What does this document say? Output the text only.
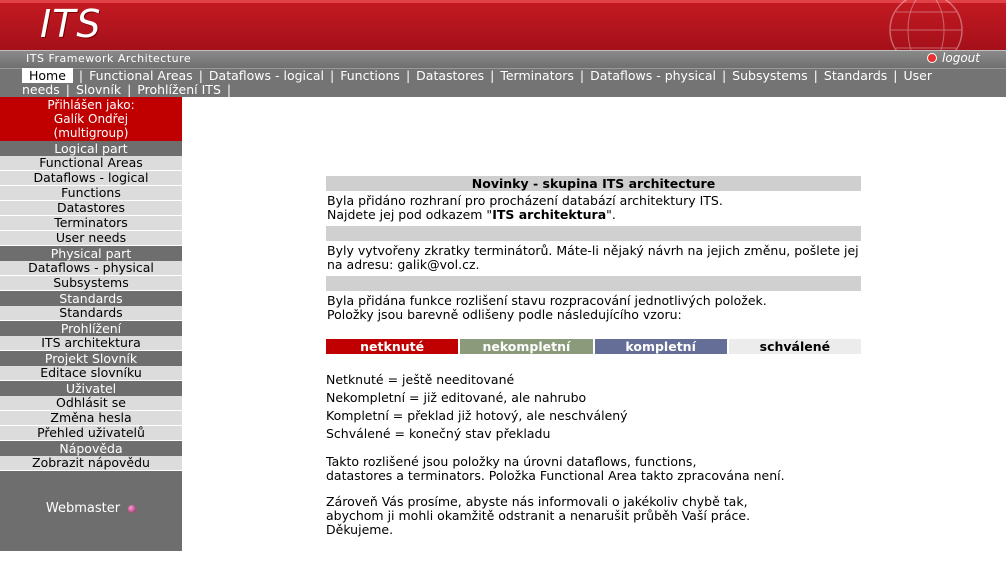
ITS
ITS Framework Architecture	logout
Home | Functional Areas | Dataflows - logical | Functions | Datastores | Terminators | Dataflows - physical | Subsystems | Standards | User needs | Slovník | Prohlížení ITS |
Přihlášen jako:
Galík Ondřej
(multigroup)
Logical part
Functional Areas
Dataflows - logical
Functions
Datastores
Terminators
User needs
Physical part
Dataflows - physical
Subsystems
Standards
Standards
Prohlížení
ITS architektura
Projekt Slovník
Editace slovníku
Uživatel
Odhlásit se
Změna hesla
Přehled uživatelů
Nápověda
Zobrazit nápovědu
Webmaster
Novinky - skupina ITS architecture
Byla přidáno rozhraní pro procházení databází architektury ITS.
Najdete jej pod odkazem "ITS architektura".
Byly vytvořeny zkratky terminátorů. Máte-li nějaký návrh na jejich změnu, pošlete jej na adresu: galik@vol.cz.
Byla přidána funkce rozlišení stavu rozpracování jednotlivých položek.
Položky jsou barevně odlišeny podle následujícího vzoru:
netknuté	nekompletní	kompletní	schválené
Netknuté = ještě needitované
Nekompletní = již editované, ale nahrubo
Kompletní = překlad již hotový, ale neschválený
Schválené = konečný stav překladu
Takto rozlišené jsou položky na úrovni dataflows, functions,
datastores a terminators. Položka Functional Area takto zpracována není.
Zároveň Vás prosíme, abyste nás informovali o jakékoliv chybě tak,
abychom ji mohli okamžitě odstranit a nenarušit průběh Vaší práce.
Děkujeme.
